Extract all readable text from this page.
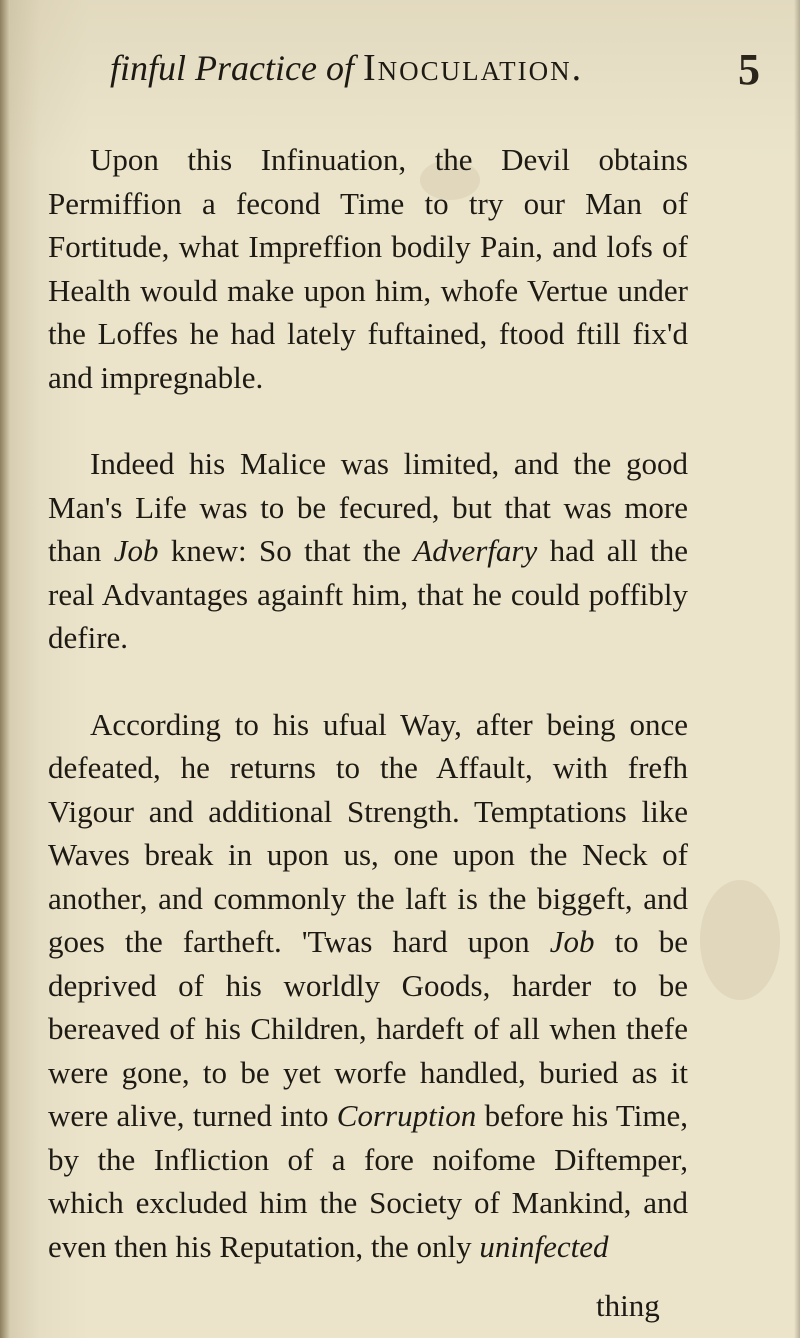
finful Practice of Inoculation.	5

Upon this Infinuation, the Devil obtains Permiffion a fecond Time to try our Man of Fortitude, what Impreffion bodily Pain, and lofs of Health would make upon him, whofe Vertue under the Loffes he had lately fuftained, ftood ftill fix'd and impregnable.

Indeed his Malice was limited, and the good Man's Life was to be fecured, but that was more than Job knew: So that the Adverfary had all the real Advantages againft him, that he could poffibly defire.

According to his ufual Way, after being once defeated, he returns to the Affault, with frefh Vigour and additional Strength. Temptations like Waves break in upon us, one upon the Neck of another, and commonly the laft is the biggeft, and goes the fartheft. 'Twas hard upon Job to be deprived of his worldly Goods, harder to be bereaved of his Children, hardeft of all when thefe were gone, to be yet worfe handled, buried as it were alive, turned into Corruption before his Time, by the Infliction of a fore noifome Diftemper, which excluded him the Society of Mankind, and even then his Reputation, the only uninfected

thing
